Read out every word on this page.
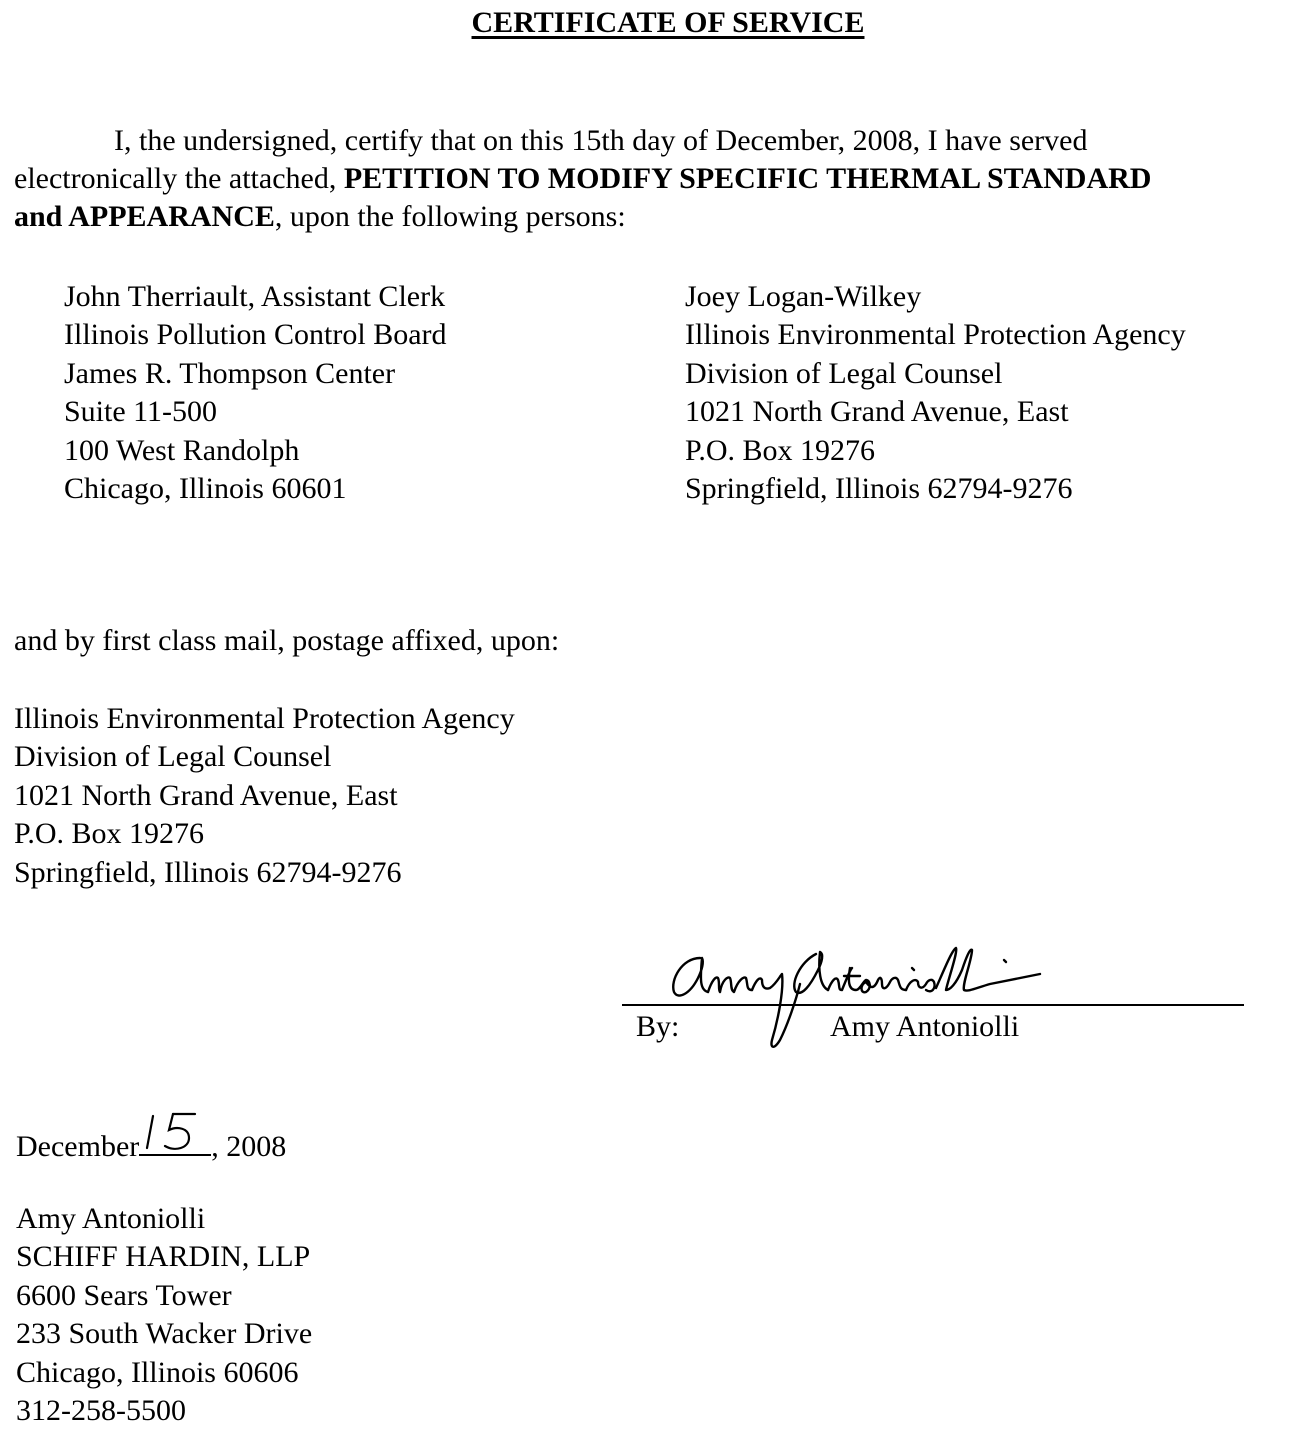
CERTIFICATE OF SERVICE
I, the undersigned, certify that on this 15th day of December, 2008, I have served
electronically the attached, PETITION TO MODIFY SPECIFIC THERMAL STANDARD
and APPEARANCE, upon the following persons:
John Therriault, Assistant Clerk
Illinois Pollution Control Board
James R. Thompson Center
Suite 11-500
100 West Randolph
Chicago, Illinois 60601
Joey Logan-Wilkey
Illinois Environmental Protection Agency
Division of Legal Counsel
1021 North Grand Avenue, East
P.O. Box 19276
Springfield, Illinois 62794-9276
and by first class mail, postage affixed, upon:
Illinois Environmental Protection Agency
Division of Legal Counsel
1021 North Grand Avenue, East
P.O. Box 19276
Springfield, Illinois 62794-9276
By:	Amy Antoniolli
December , 2008
Amy Antoniolli
SCHIFF HARDIN, LLP
6600 Sears Tower
233 South Wacker Drive
Chicago, Illinois 60606
312-258-5500
